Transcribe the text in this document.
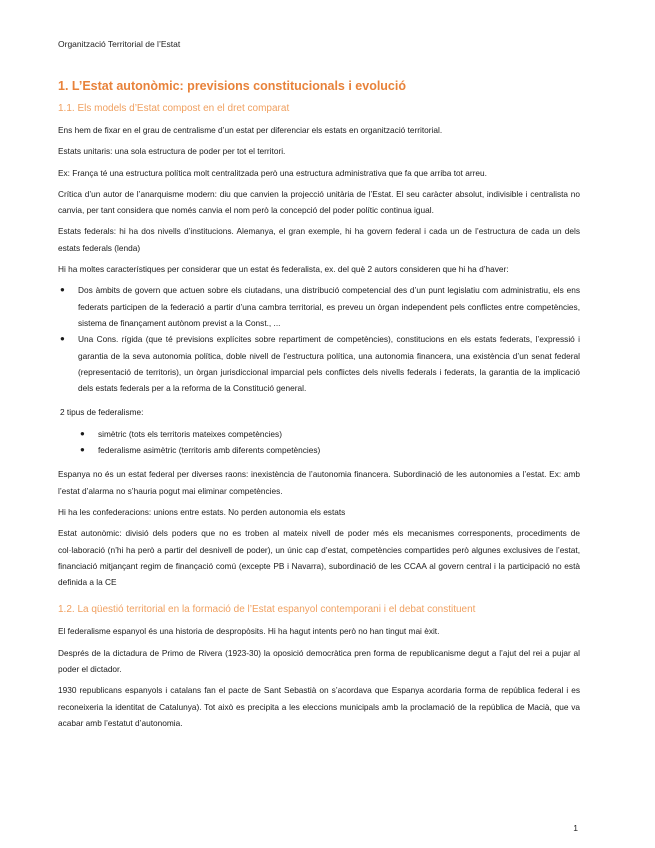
Organització Territorial de l’Estat
1. L’Estat autonòmic: previsions constitucionals i evolució
1.1. Els models d’Estat compost en el dret comparat

Ens hem de fixar en el grau de centralisme d’un estat per diferenciar els estats en organització territorial.

Estats unitaris: una sola estructura de poder per tot el territori.

Ex: França té una estructura política molt centralitzada però una estructura administrativa que fa que arriba tot arreu.

Crítica d’un autor de l’anarquisme modern: diu que canvien la projecció unitària de l’Estat. El seu caràcter absolut, indivisible i centralista no canvia, per tant considera que només canvia el nom però la concepció del poder polític continua igual.

Estats federals: hi ha dos nivells d’institucions. Alemanya, el gran exemple, hi ha govern federal i cada un de l’estructura de cada un dels estats federals (lenda)

Hi ha moltes característiques per considerar que un estat és federalista, ex. del què 2 autors consideren que hi ha d’haver:

● Dos àmbits de govern que actuen sobre els ciutadans, una distribució competencial des d’un punt legislatiu com administratiu, els ens federats participen de la federació a partir d’una cambra territorial, es preveu un òrgan independent pels conflictes entre competències, sistema de finançament autònom previst a la Const., ...
● Una Cons. rígida (que té previsions explícites sobre repartiment de competències), constitucions en els estats federats, l’expressió i garantia de la seva autonomia política, doble nivell de l’estructura política, una autonomia financera, una existència d’un senat federal (representació de territoris), un òrgan jurisdiccional imparcial pels conflictes dels nivells federals i federats, la garantia de la implicació dels estats federals per a la reforma de la Constitució general.

2 tipus de federalisme:

● simètric (tots els territoris mateixes competències)
● federalisme asimètric (territoris amb diferents competències)

Espanya no és un estat federal per diverses raons: inexistència de l’autonomia financera. Subordinació de les autonomies a l’estat. Ex: amb l’estat d’alarma no s’hauria pogut mai eliminar competències.

Hi ha les confederacions: unions entre estats. No perden autonomia els estats

Estat autonòmic: divisió dels poders que no es troben al mateix nivell de poder més els mecanismes corresponents, procediments de col·laboració (n’hi ha però a partir del desnivell de poder), un únic cap d’estat, competències compartides però algunes exclusives de l’estat, financiació mitjançant regim de finançació comú (excepte PB i Navarra), subordinació de les CCAA al govern central i la participació no està definida a la CE

1.2. La qüestió territorial en la formació de l’Estat espanyol contemporani i el debat constituent

El federalisme espanyol és una historia de despropòsits. Hi ha hagut intents però no han tingut mai èxit.

Després de la dictadura de Primo de Rivera (1923-30) la oposició democràtica pren forma de republicanisme degut a l’ajut del rei a pujar al poder el dictador.

1930 republicans espanyols i catalans fan el pacte de Sant Sebastià on s’acordava que Espanya acordaria forma de república federal i es reconeixeria la identitat de Catalunya). Tot això es precipita a les eleccions municipals amb la proclamació de la república de Macià, que va acabar amb l’estatut d’autonomia.

1
